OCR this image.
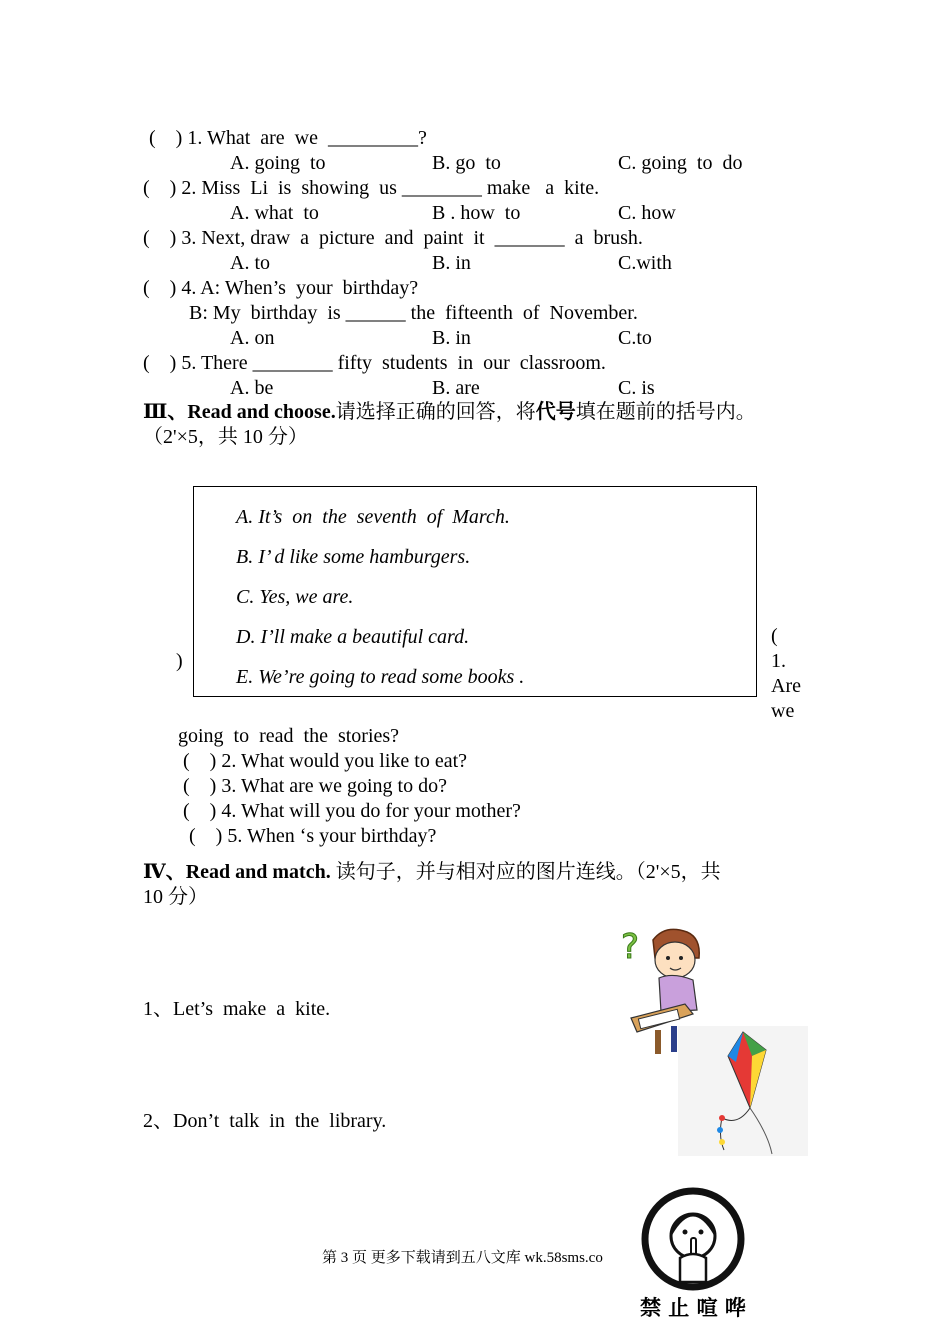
(    ) 1. What  are  we  _________?
A. going  to	B. go  to	C. going  to  do
(    ) 2. Miss  Li  is  showing  us ________ make   a  kite.
A. what  to	B . how  to	C. how
(    ) 3. Next, draw  a  picture  and  paint  it  _______  a  brush.
A. to	B. in	C.with
(    ) 4. A: When’s  your  birthday?
B: My  birthday  is ______ the  fifteenth  of  November.
A. on	B. in	C.to
(    ) 5. There ________ fifty  students  in  our  classroom.
A. be	B. are	C. is
Ⅲ、Read and choose.请选择正确的回答，将代号填在题前的括号内。
（2'×5，共 10 分）
A. It’s  on  the  seventh  of  March.
B. I’ d like some hamburgers.
C. Yes, we are.
D. I’ll make a beautiful card.
E. We’re going to read some books .
(
1.
Are
we
)
going  to  read  the  stories?
(    ) 2. What would you like to eat?
(    ) 3. What are we going to do?
(    ) 4. What will you do for your mother?
(    ) 5. When ‘s your birthday?
Ⅳ、Read and match. 读句子，并与相对应的图片连线。（2'×5，共
10 分）
1、Let’s  make  a  kite.
2、Don’t  talk  in  the  library.
?
禁 止 喧 哗
第 3 页 更多下载请到五八文库 wk.58sms.co
